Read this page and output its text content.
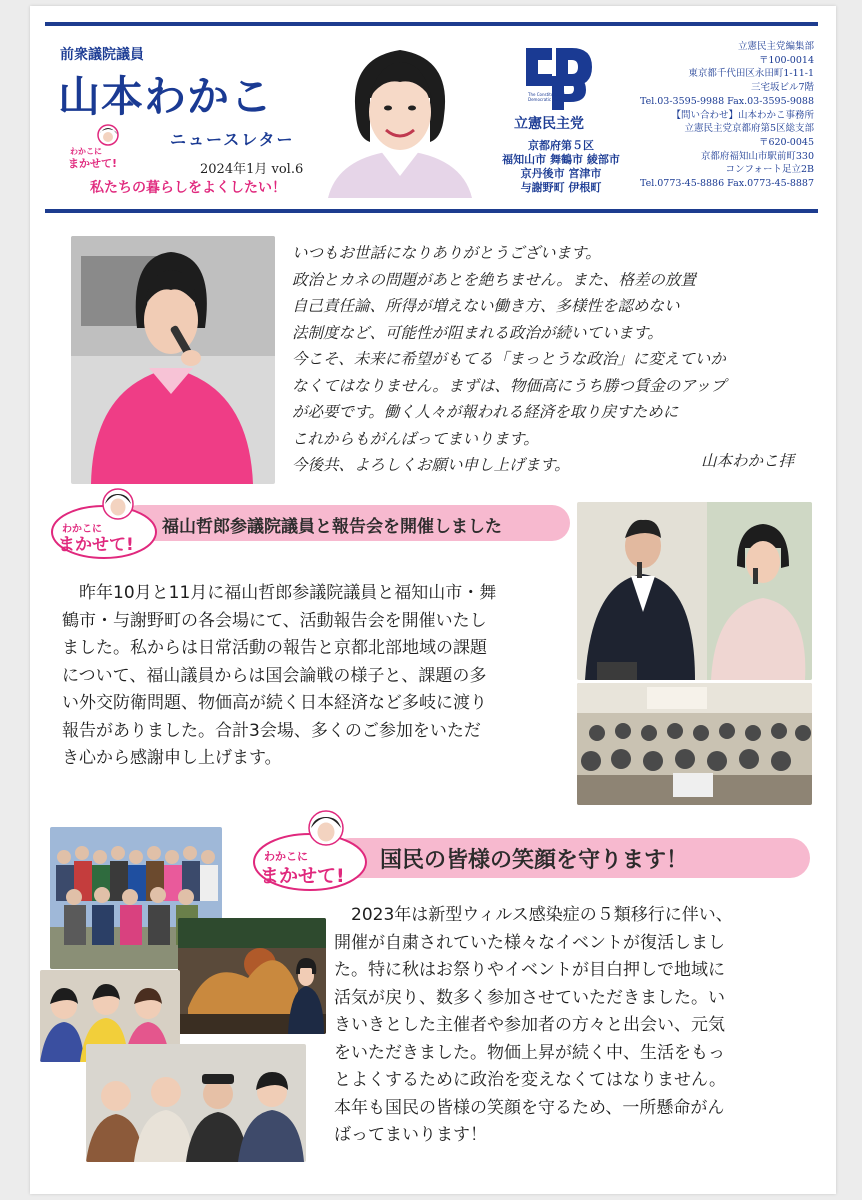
前衆議院議員
山本わかこ
わかこに
まかせて!
ニュースレター
2024年1月 vol.6
私たちの暮らしをよくしたい！
The Constitutional
Democratic Party
立憲民主党
京都府第５区
福知山市 舞鶴市 綾部市
京丹後市 宮津市
与謝野町 伊根町
立憲民主党編集部
〒100-0014
東京都千代田区永田町1-11-1
三宅坂ビル7階
Tel.03-3595-9988 Fax.03-3595-9088
【問い合わせ】山本わかこ事務所
立憲民主党京都府第5区総支部
〒620-0045
京都府福知山市駅前町330
コンフォート足立2B
Tel.0773-45-8886 Fax.0773-45-8887
いつもお世話になりありがとうございます。
政治とカネの問題があとを絶ちません。また、格差の放置
自己責任論、所得が増えない働き方、多様性を認めない
法制度など、可能性が阻まれる政治が続いています。
今こそ、未来に希望がもてる「まっとうな政治」に変えていか
なくてはなりません。まずは、物価高にうち勝つ賃金のアップ
が必要です。働く人々が報われる経済を取り戻すために
これからもがんばってまいります。
今後共、よろしくお願い申し上げます。	山本わかこ拝
わかこに
まかせて!
福山哲郎参議院議員と報告会を開催しました
　昨年10月と11月に福山哲郎参議院議員と福知山市・舞
鶴市・与謝野町の各会場にて、活動報告会を開催いたし
ました。私からは日常活動の報告と京都北部地域の課題
について、福山議員からは国会論戦の様子と、課題の多
い外交防衛問題、物価高が続く日本経済など多岐に渡り
報告がありました。合計3会場、多くのご参加をいただ
き心から感謝申し上げます。
わかこに
まかせて!
国民の皆様の笑顔を守ります！
　2023年は新型ウィルス感染症の５類移行に伴い、
開催が自粛されていた様々なイベントが復活しまし
た。特に秋はお祭りやイベントが目白押しで地域に
活気が戻り、数多く参加させていただきました。い
きいきとした主催者や参加者の方々と出会い、元気
をいただきました。物価上昇が続く中、生活をもっ
とよくするために政治を変えなくてはなりません。
本年も国民の皆様の笑顔を守るため、一所懸命がん
ばってまいります！
